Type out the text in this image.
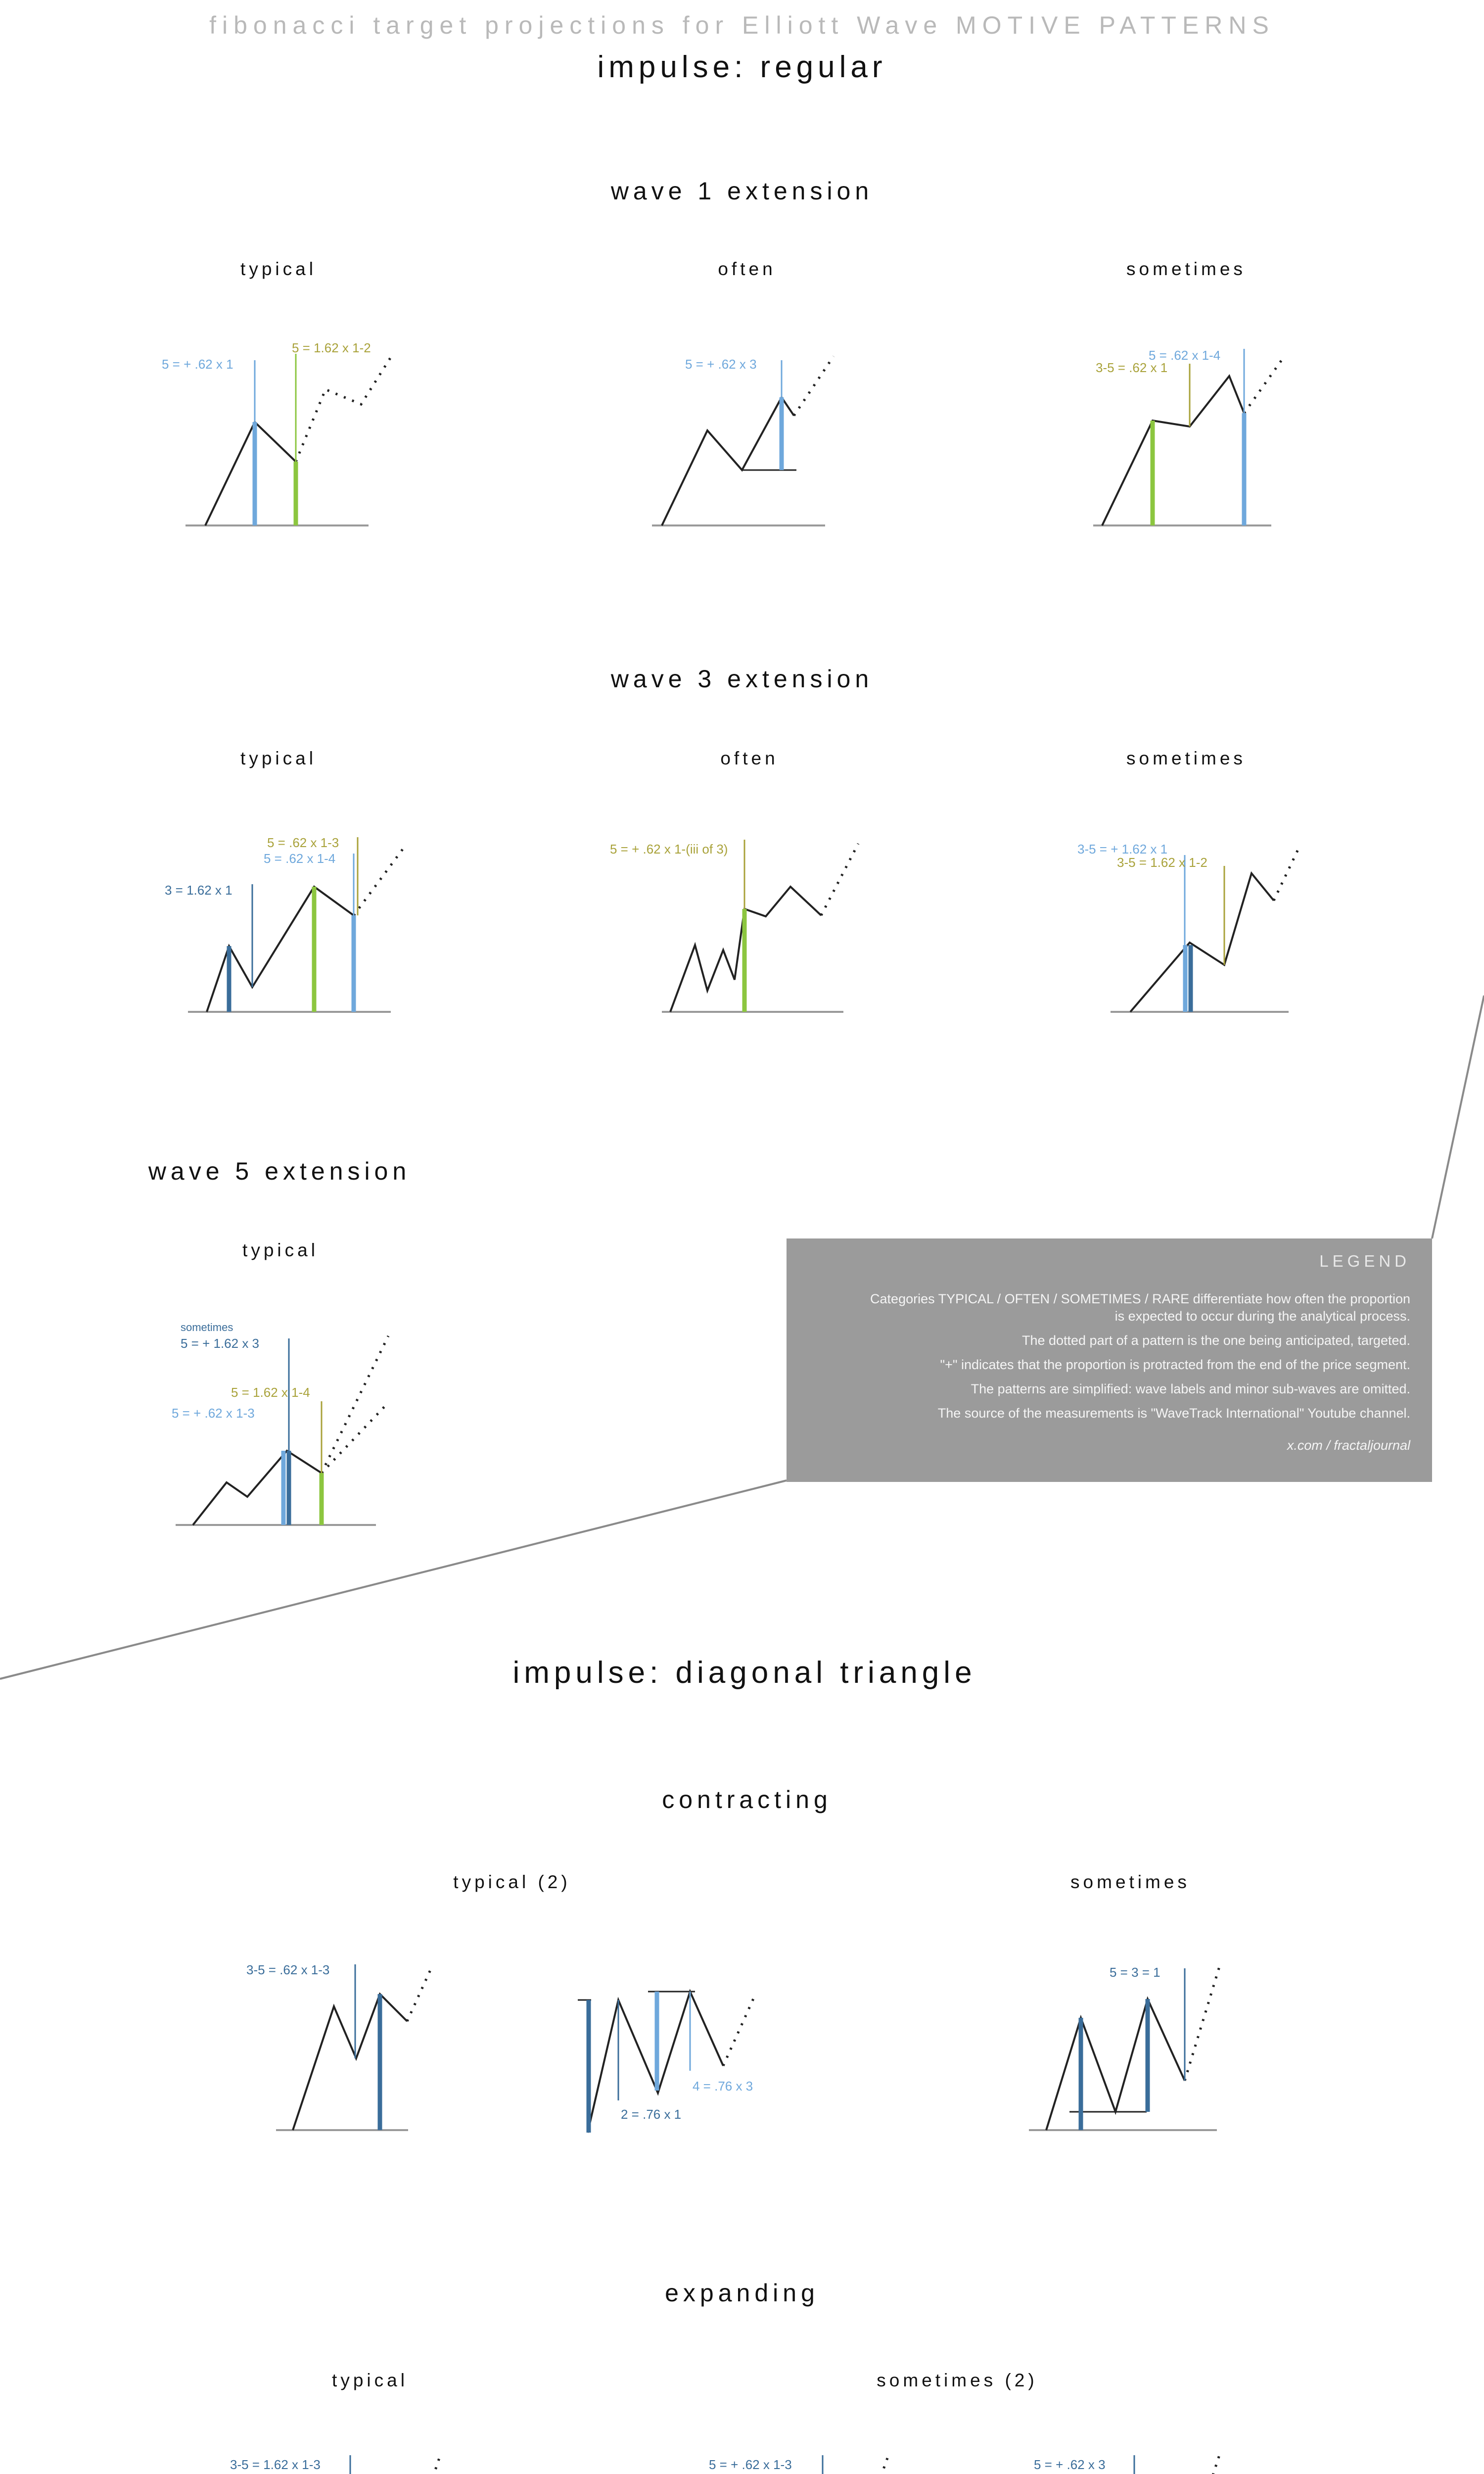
fibonacci target projections for Elliott Wave MOTIVE PATTERNS
impulse: regular
wave 1 extension
typical	often	sometimes
wave 3 extension
typical	often	sometimes
wave 5 extension
typical
impulse: diagonal triangle
contracting
typical (2)	sometimes
expanding
typical	sometimes (2)
5 = + .62 x 1
5 = 1.62 x 1-2
5 = + .62 x 3
5 = .62 x 1-4
3-5 = .62 x 1
5 = .62 x 1-3
5 = .62 x 1-4
3 = 1.62 x 1
5 = + .62 x 1-(iii of 3)	3-5 = + 1.62 x 1
3-5 = 1.62 x 1-2
sometimes
5 = + 1.62 x 3
5 = 1.62 x 1-4
5 = + .62 x 1-3
3-5 = .62 x 1-3
2 = .76 x 1
4 = .76 x 3
5 = 3 = 1
3-5 = 1.62 x 1-3	5 = + .62 x 1-3	5 = + .62 x 3
LEGEND
Categories TYPICAL / OFTEN / SOMETIMES / RARE differentiate how often the proportion
is expected to occur during the analytical process.
The dotted part of a pattern is the one being anticipated, targeted.
"+" indicates that the proportion is protracted from the end of the price segment.
The patterns are simplified: wave labels and minor sub-waves are omitted.
The source of the measurements is "WaveTrack International" Youtube channel.
x.com / fractaljournal
